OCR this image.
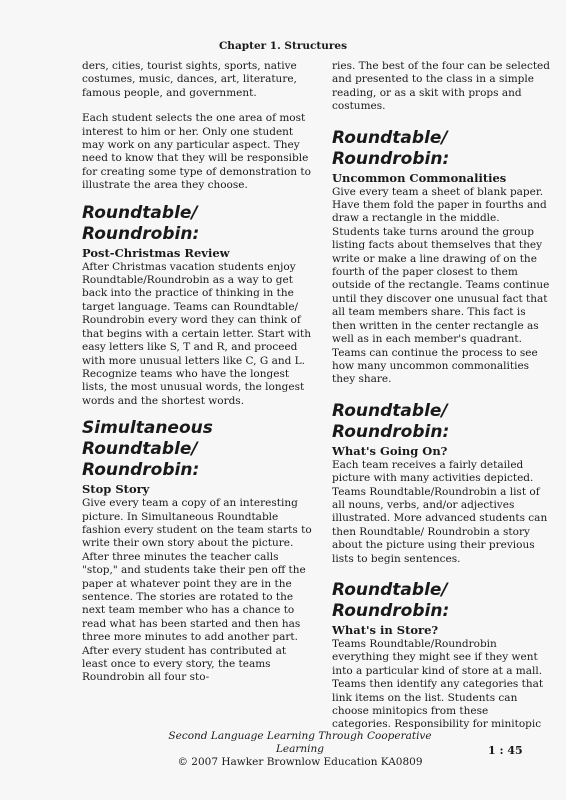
Chapter 1. Structures

ders, cities, tourist sights, sports, native costumes, music, dances, art, literature, famous people, and government.

Each student selects the one area of most interest to him or her. Only one student may work on any particular aspect. They need to know that they will be responsible for creating some type of demonstration to illustrate the area they choose.

Roundtable/
Roundrobin:
Post-Christmas Review

After Christmas vacation students enjoy Roundtable/Roundrobin as a way to get back into the practice of thinking in the target language. Teams can Roundtable/ Roundrobin every word they can think of that begins with a certain letter. Start with easy letters like S, T and R, and proceed with more unusual letters like C, G and L. Recognize teams who have the longest lists, the most unusual words, the longest words and the shortest words.

Simultaneous
Roundtable/
Roundrobin:
Stop Story

Give every team a copy of an interesting picture. In Simultaneous Roundtable fashion every student on the team starts to write their own story about the picture. After three minutes the teacher calls "stop," and students take their pen off the paper at whatever point they are in the sentence. The stories are rotated to the next team member who has a chance to read what has been started and then has three more minutes to add another part. After every student has contributed at least once to every story, the teams Roundrobin all four sto-

ries. The best of the four can be selected and presented to the class in a simple reading, or as a skit with props and costumes.

Roundtable/
Roundrobin:
Uncommon Commonalities

Give every team a sheet of blank paper. Have them fold the paper in fourths and draw a rectangle in the middle. Students take turns around the group listing facts about themselves that they write or make a line drawing of on the fourth of the paper closest to them outside of the rectangle. Teams continue until they discover one unusual fact that all team members share. This fact is then written in the center rectangle as well as in each member's quadrant. Teams can continue the process to see how many uncommon commonalities they share.

Roundtable/
Roundrobin:
What's Going On?

Each team receives a fairly detailed picture with many activities depicted. Teams Roundtable/Roundrobin a list of all nouns, verbs, and/or adjectives illustrated. More advanced students can then Roundtable/ Roundrobin a story about the picture using their previous lists to begin sentences.

Roundtable/
Roundrobin:
What's in Store?

Teams Roundtable/Roundrobin everything they might see if they went into a particular kind of store at a mall. Teams then identify any categories that link items on the list. Students can choose minitopics from these categories. Responsibility for minitopic

Second Language Learning Through Cooperative Learning
© 2007 Hawker Brownlow Education KA0809
1 : 45
